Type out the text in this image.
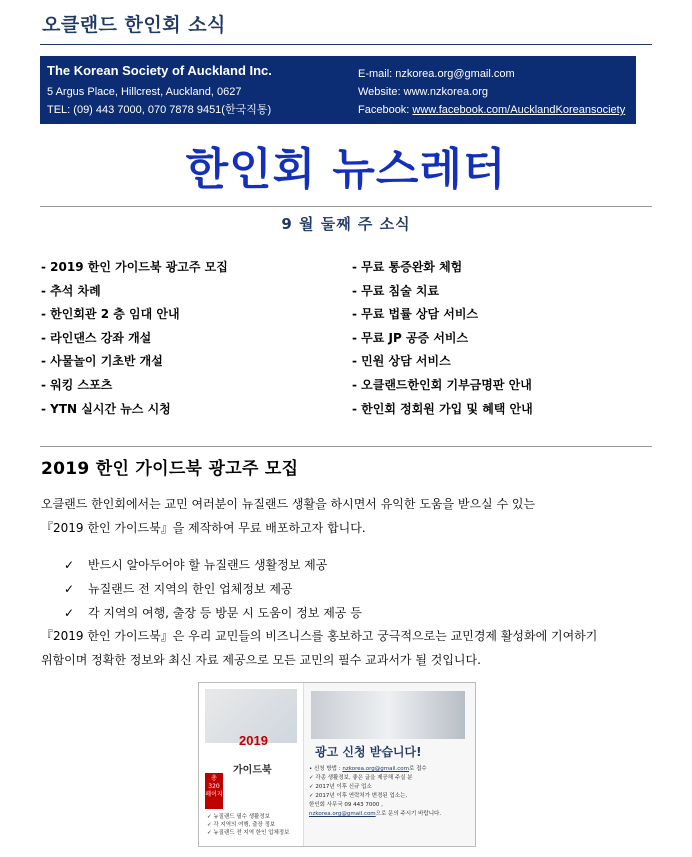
오클랜드 한인회 소식
The Korean Society of Auckland Inc.
5 Argus Place, Hillcrest, Auckland, 0627
TEL: (09) 443 7000, 070 7878 9451(한국직통)
E-mail: nzkorea.org@gmail.com
Website: www.nzkorea.org
Facebook: www.facebook.com/AucklandKoreansociety
한인회 뉴스레터
9 월 둘째 주 소식
- 2019 한인 가이드북 광고주 모집
- 추석 차례
- 한인회관 2 층 임대 안내
- 라인댄스 강좌 개설
- 사물놀이 기초반 개설
- 워킹 스포츠
- YTN 실시간 뉴스 시청
- 무료 통증완화 체험
- 무료 침술 치료
- 무료 법률 상담 서비스
- 무료 JP 공증 서비스
- 민원 상담 서비스
- 오클랜드한인회 기부금명판 안내
- 한인회 정회원 가입 및 혜택 안내
2019 한인 가이드북 광고주 모집
오클랜드 한인회에서는 교민 여러분이 뉴질랜드 생활을 하시면서 유익한 도움을 받으실 수 있는
『2019 한인 가이드북』을 제작하여 무료 배포하고자 합니다.
✓ 반드시 알아두어야 할 뉴질랜드 생활정보 제공
✓ 뉴질랜드 전 지역의 한인 업체정보 제공
✓ 각 지역의 여행, 출장 등 방문 시 도움이 정보 제공 등
『2019 한인 가이드북』은 우리 교민들의 비즈니스를 홍보하고 궁극적으로는 교민경제 활성화에 기여하기
위함이며 정확한 정보와 최신 자료 제공으로 모든 교민의 필수 교과서가 될 것입니다.
2019
가이드북
총 320 페이지
✓ 뉴질랜드 필수 생활정보
✓ 각 지역의 여행, 출장 정보
✓ 뉴질랜드 전 지역 한인 업체정보
광고 신청 받습니다!
• 신청 방법 : nzkorea.org@gmail.com로 접수
✓ 각종 생활정보, 좋은 글을 제공해 주실 분
✓ 2017년 이후 신규 업소
✓ 2017년 이후 연락처가 변경된 업소는,
한인회 사무국 09 443 7000 ,
nzkorea.org@gmail.com으로 문의 주시기 바랍니다.
